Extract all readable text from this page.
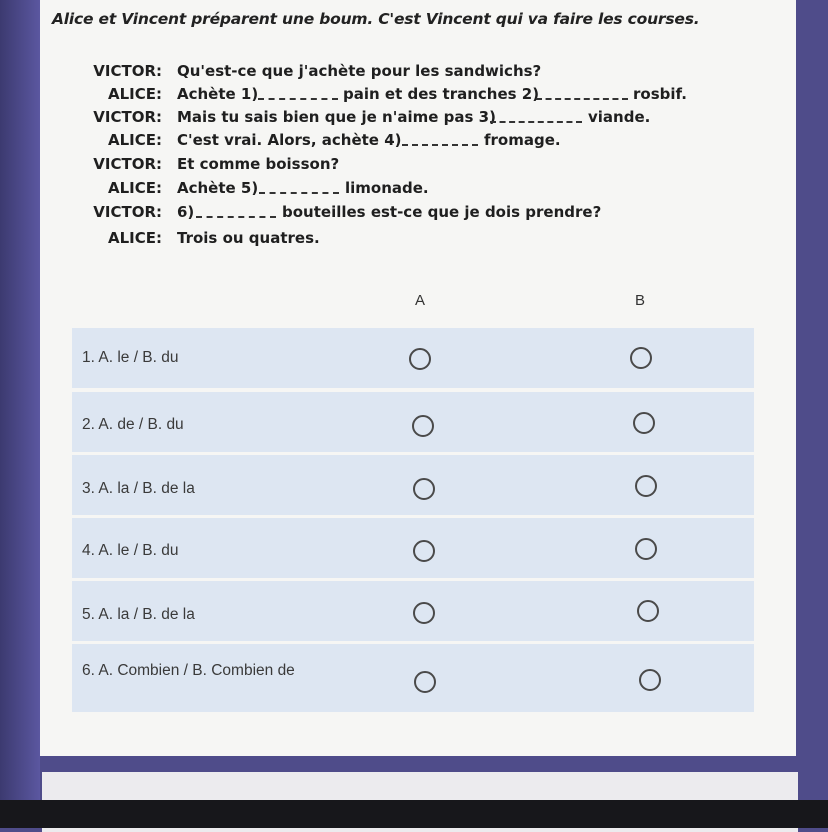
Alice et Vincent préparent une boum. C'est Vincent qui va faire les courses.
VICTOR: Qu'est-ce que j'achète pour les sandwichs?
ALICE: Achète 1)	pain et des tranches 2)	rosbif.
VICTOR: Mais tu sais bien que je n'aime pas 3)	viande.
ALICE: C'est vrai. Alors, achète 4)	fromage.
VICTOR: Et comme boisson?
ALICE: Achète 5)	limonade.
VICTOR: 6)	bouteilles est-ce que je dois prendre?
ALICE: Trois ou quatres.
A	B
1. A. le / B. du
2. A. de / B. du
3. A. la / B. de la
4. A. le / B. du
5. A. la / B. de la
6. A. Combien / B. Combien de
